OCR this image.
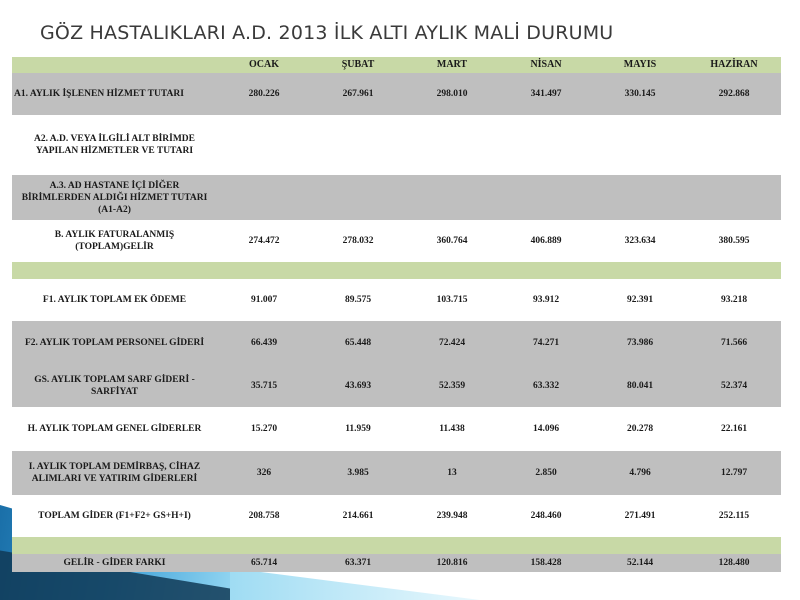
GÖZ HASTALIKLARI A.D. 2013 İLK ALTI AYLIK MALİ DURUMU
	OCAK	ŞUBAT	MART	NİSAN	MAYIS	HAZİRAN
A1. AYLIK İŞLENEN HİZMET TUTARI	280.226	267.961	298.010	341.497	330.145	292.868
A2. A.D. VEYA İLGİLİ ALT BİRİMDE YAPILAN HİZMETLER VE TUTARI						
A.3. AD HASTANE İÇİ DİĞER BİRİMLERDEN ALDIĞI HİZMET TUTARI (A1-A2)						
B. AYLIK FATURALANMIŞ (TOPLAM)GELİR	274.472	278.032	360.764	406.889	323.634	380.595

F1. AYLIK TOPLAM EK ÖDEME	91.007	89.575	103.715	93.912	92.391	93.218
F2. AYLIK TOPLAM PERSONEL GİDERİ	66.439	65.448	72.424	74.271	73.986	71.566
GS. AYLIK TOPLAM SARF GİDERİ - SARFİYAT	35.715	43.693	52.359	63.332	80.041	52.374
H. AYLIK TOPLAM GENEL GİDERLER	15.270	11.959	11.438	14.096	20.278	22.161
I. AYLIK TOPLAM DEMİRBAŞ, CİHAZ ALIMLARI VE YATIRIM GİDERLERİ	326	3.985	13	2.850	4.796	12.797
TOPLAM GİDER (F1+F2+ GS+H+I)	208.758	214.661	239.948	248.460	271.491	252.115

GELİR - GİDER FARKI	65.714	63.371	120.816	158.428	52.144	128.480
